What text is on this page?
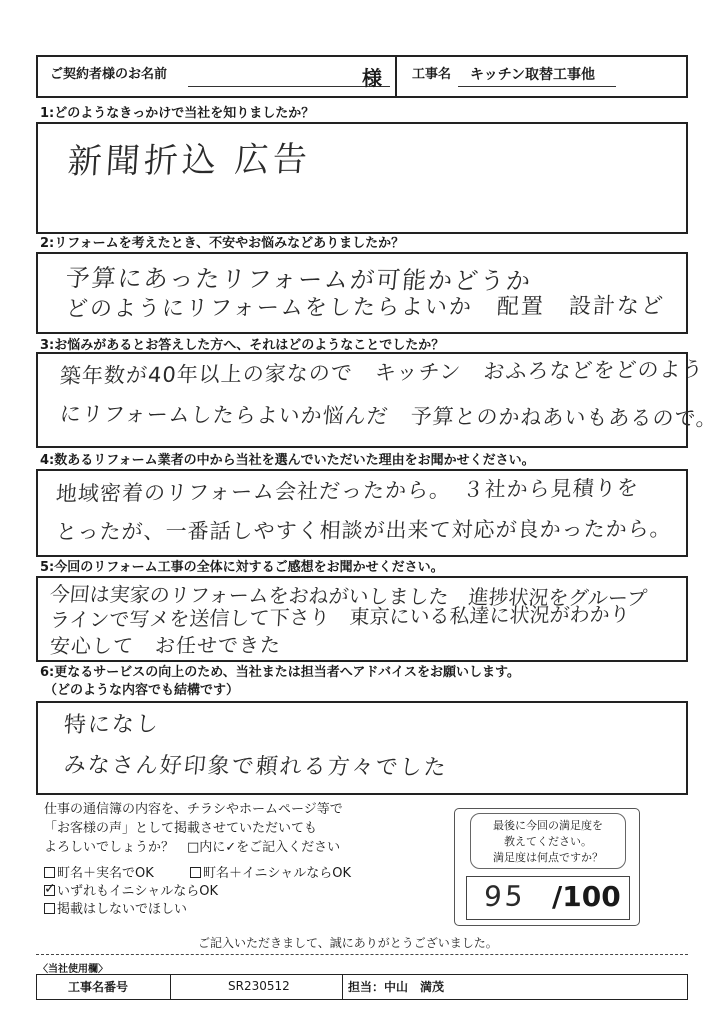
ご契約者様のお名前	様 工事名 キッチン取替工事他
1:どのようなきっかけで当社を知りましたか？
新聞折込 広告
2:リフォームを考えたとき、不安やお悩みなどありましたか？
予算にあったリフォームが可能かどうか
どのようにリフォームをしたらよいか　配置　設計など
3:お悩みがあるとお答えした方へ、それはどのようなことでしたか？
築年数が40年以上の家なので　キッチン　おふろなどをどのよう
にリフォームしたらよいか悩んだ　予算とのかねあいもあるので。
4:数あるリフォーム業者の中から当社を選んでいただいた理由をお聞かせください。
地域密着のリフォーム会社だったから。　３社から見積りを
とったが、一番話しやすく相談が出来て対応が良かったから。
5:今回のリフォーム工事の全体に対するご感想をお聞かせください。
今回は実家のリフォームをおねがいしました　進捗状況をグループ
ラインで写メを送信して下さり　東京にいる私達に状況がわかり
安心して　お任せできた
6:更なるサービスの向上のため、当社または担当者へアドバイスをお願いします。
（どのような内容でも結構です）
特になし
みなさん好印象で頼れる方々でした
仕事の通信簿の内容を、チラシやホームページ等で
「お客様の声」として掲載させていただいても
よろしいでしょうか？　□内に✓をご記入ください
町名＋実名でOK	町名＋イニシャルならOK
✓ いずれもイニシャルならOK
掲載はしないでほしい
最後に今回の満足度を
教えてください。
満足度は何点ですか？
95 /100
ご記入いただきまして、誠にありがとうございました。
〈当社使用欄〉
工事名番号	SR230512	担当：中山　満茂
